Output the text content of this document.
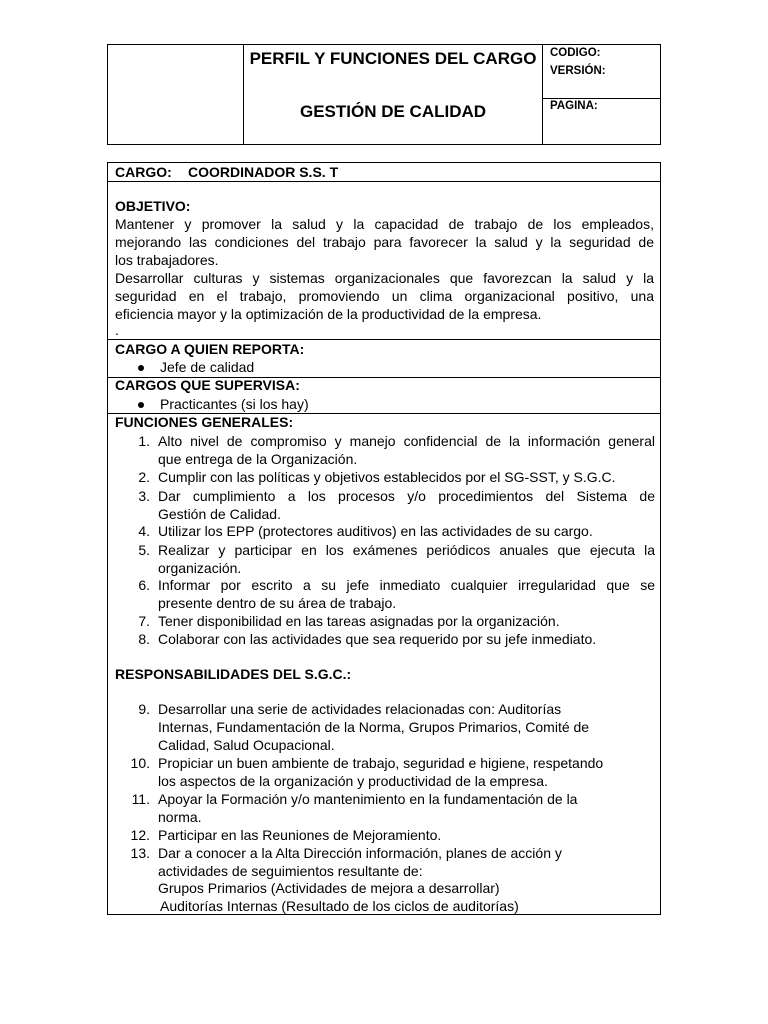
PERFIL Y FUNCIONES DEL CARGO
GESTIÓN DE CALIDAD
CODIGO:
VERSIÓN:
PAGINA:
CARGO: COORDINADOR S.S. T
OBJETIVO:
Mantener y promover la salud y la capacidad de trabajo de los empleados,
mejorando las condiciones del trabajo para favorecer la salud y la seguridad de
los trabajadores.
Desarrollar culturas y sistemas organizacionales que favorezcan la salud y la
seguridad en el trabajo, promoviendo un clima organizacional positivo, una
eficiencia mayor y la optimización de la productividad de la empresa.
.
CARGO A QUIEN REPORTA:
Jefe de calidad
CARGOS QUE SUPERVISA:
Practicantes (si los hay)
FUNCIONES GENERALES:
1. Alto nivel de compromiso y manejo confidencial de la información general
que entrega de la Organización.
2. Cumplir con las políticas y objetivos establecidos por el SG-SST, y S.G.C.
3. Dar cumplimiento a los procesos y/o procedimientos del Sistema de
Gestión de Calidad.
4. Utilizar los EPP (protectores auditivos) en las actividades de su cargo.
5. Realizar y participar en los exámenes periódicos anuales que ejecuta la
organización.
6. Informar por escrito a su jefe inmediato cualquier irregularidad que se
presente dentro de su área de trabajo.
7. Tener disponibilidad en las tareas asignadas por la organización.
8. Colaborar con las actividades que sea requerido por su jefe inmediato.
RESPONSABILIDADES DEL S.G.C.:
9. Desarrollar una serie de actividades relacionadas con: Auditorías
Internas, Fundamentación de la Norma, Grupos Primarios, Comité de
Calidad, Salud Ocupacional.
10. Propiciar un buen ambiente de trabajo, seguridad e higiene, respetando
los aspectos de la organización y productividad de la empresa.
11. Apoyar la Formación y/o mantenimiento en la fundamentación de la
norma.
12. Participar en las Reuniones de Mejoramiento.
13. Dar a conocer a la Alta Dirección información, planes de acción y
actividades de seguimientos resultante de:
Grupos Primarios (Actividades de mejora a desarrollar)
Auditorías Internas (Resultado de los ciclos de auditorías)
